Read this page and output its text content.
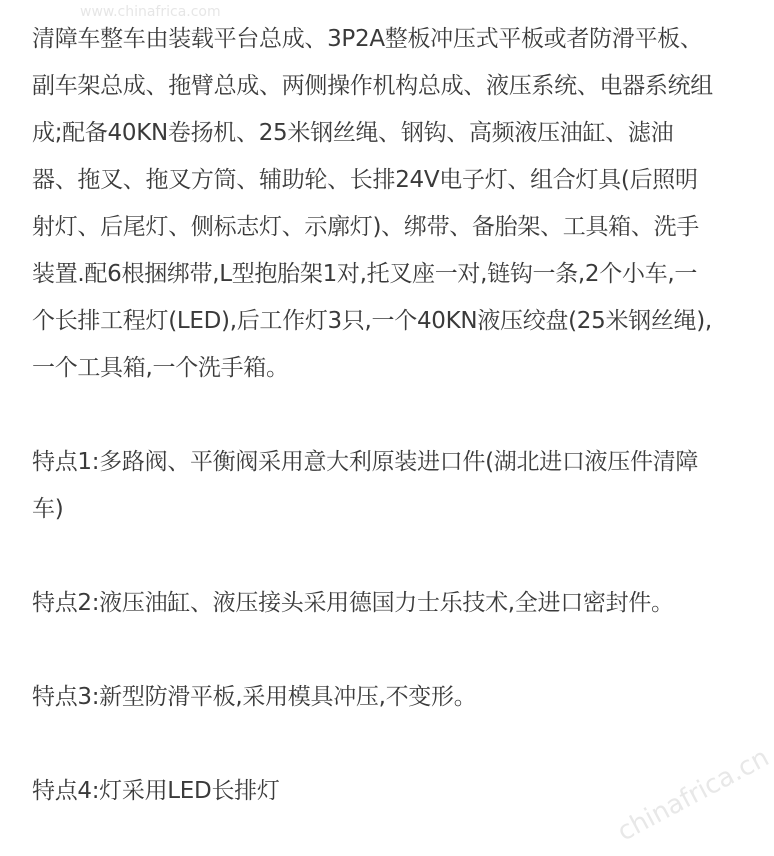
www.chinafrica.com

清障车整车由装载平台总成、3P2A整板冲压式平板或者防滑平板、副车架总成、拖臂总成、两侧操作机构总成、液压系统、电器系统组成;配备40KN卷扬机、25米钢丝绳、钢钩、高频液压油缸、滤油器、拖叉、拖叉方筒、辅助轮、长排24V电子灯、组合灯具(后照明射灯、后尾灯、侧标志灯、示廓灯)、绑带、备胎架、工具箱、洗手装置.配6根捆绑带,L型抱胎架1对,托叉座一对,链钩一条,2个小车,一个长排工程灯(LED),后工作灯3只,一个40KN液压绞盘(25米钢丝绳),一个工具箱,一个洗手箱。

特点1:多路阀、平衡阀采用意大利原装进口件(湖北进口液压件清障车)

特点2:液压油缸、液压接头采用德国力士乐技术,全进口密封件。

特点3:新型防滑平板,采用模具冲压,不变形。

特点4:灯采用LED长排灯	chinafrica.cn
